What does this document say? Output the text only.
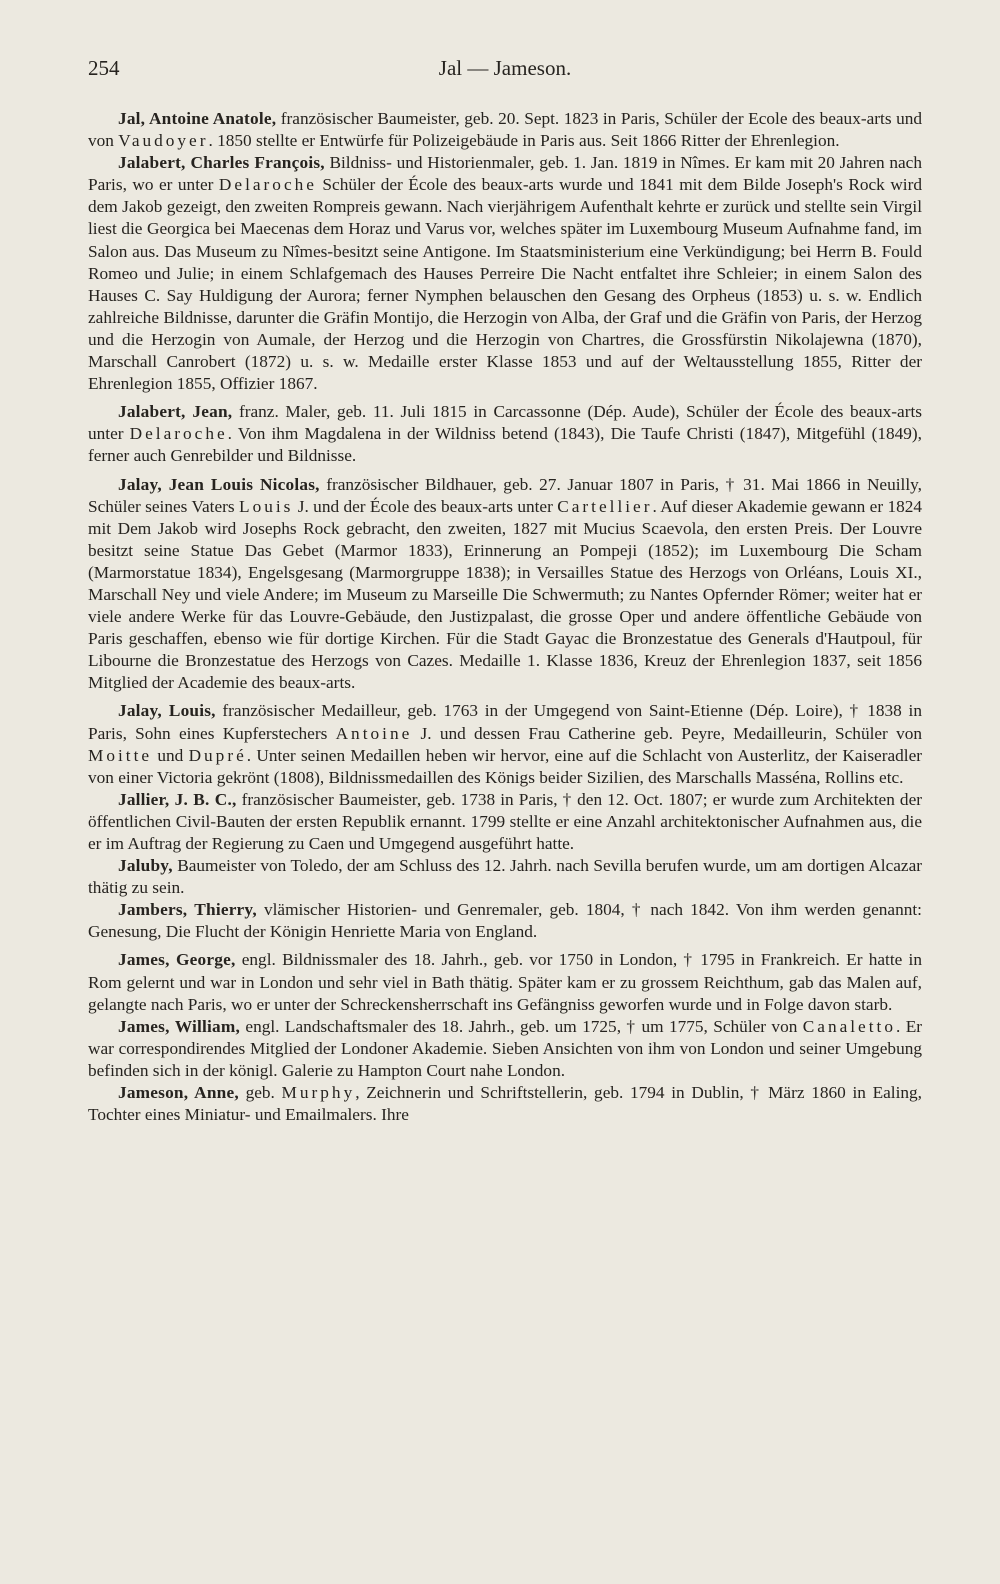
254	Jal — Jameson.

Jal, Antoine Anatole, französischer Baumeister, geb. 20. Sept. 1823 in Paris, Schüler der Ecole des beaux-arts und von Vaudoyer. 1850 stellte er Entwürfe für Polizeigebäude in Paris aus. Seit 1866 Ritter der Ehrenlegion.

Jalabert, Charles François, Bildniss- und Historienmaler, geb. 1. Jan. 1819 in Nîmes. Er kam mit 20 Jahren nach Paris, wo er unter Delaroche Schüler der École des beaux-arts wurde und 1841 mit dem Bilde Joseph's Rock wird dem Jakob gezeigt, den zweiten Rompreis gewann. Nach vierjährigem Aufenthalt kehrte er zurück und stellte sein Virgil liest die Georgica bei Maecenas dem Horaz und Varus vor, welches später im Luxembourg Museum Aufnahme fand, im Salon aus. Das Museum zu Nîmes-besitzt seine Antigone. Im Staatsministerium eine Verkündigung; bei Herrn B. Fould Romeo und Julie; in einem Schlafgemach des Hauses Perreire Die Nacht entfaltet ihre Schleier; in einem Salon des Hauses C. Say Huldigung der Aurora; ferner Nymphen belauschen den Gesang des Orpheus (1853) u. s. w. Endlich zahlreiche Bildnisse, darunter die Gräfin Montijo, die Herzogin von Alba, der Graf und die Gräfin von Paris, der Herzog und die Herzogin von Aumale, der Herzog und die Herzogin von Chartres, die Grossfürstin Nikolajewna (1870), Marschall Canrobert (1872) u. s. w. Medaille erster Klasse 1853 und auf der Weltausstellung 1855, Ritter der Ehrenlegion 1855, Offizier 1867.

Jalabert, Jean, franz. Maler, geb. 11. Juli 1815 in Carcassonne (Dép. Aude), Schüler der École des beaux-arts unter Delaroche. Von ihm Magdalena in der Wildniss betend (1843), Die Taufe Christi (1847), Mitgefühl (1849), ferner auch Genrebilder und Bildnisse.

Jalay, Jean Louis Nicolas, französischer Bildhauer, geb. 27. Januar 1807 in Paris, † 31. Mai 1866 in Neuilly, Schüler seines Vaters Louis J. und der École des beaux-arts unter Cartellier. Auf dieser Akademie gewann er 1824 mit Dem Jakob wird Josephs Rock gebracht, den zweiten, 1827 mit Mucius Scaevola, den ersten Preis. Der Louvre besitzt seine Statue Das Gebet (Marmor 1833), Erinnerung an Pompeji (1852); im Luxembourg Die Scham (Marmorstatue 1834), Engelsgesang (Marmorgruppe 1838); in Versailles Statue des Herzogs von Orléans, Louis XI., Marschall Ney und viele Andere; im Museum zu Marseille Die Schwermuth; zu Nantes Opfernder Römer; weiter hat er viele andere Werke für das Louvre-Gebäude, den Justizpalast, die grosse Oper und andere öffentliche Gebäude von Paris geschaffen, ebenso wie für dortige Kirchen. Für die Stadt Gayac die Bronzestatue des Generals d'Hautpoul, für Libourne die Bronzestatue des Herzogs von Cazes. Medaille 1. Klasse 1836, Kreuz der Ehrenlegion 1837, seit 1856 Mitglied der Academie des beaux-arts.

Jalay, Louis, französischer Medailleur, geb. 1763 in der Umgegend von Saint-Etienne (Dép. Loire), † 1838 in Paris, Sohn eines Kupferstechers Antoine J. und dessen Frau Catherine geb. Peyre, Medailleurin, Schüler von Moitte und Dupré. Unter seinen Medaillen heben wir hervor, eine auf die Schlacht von Austerlitz, der Kaiseradler von einer Victoria gekrönt (1808), Bildnissmedaillen des Königs beider Sizilien, des Marschalls Masséna, Rollins etc.

Jallier, J. B. C., französischer Baumeister, geb. 1738 in Paris, † den 12. Oct. 1807; er wurde zum Architekten der öffentlichen Civil-Bauten der ersten Republik ernannt. 1799 stellte er eine Anzahl architektonischer Aufnahmen aus, die er im Auftrag der Regierung zu Caen und Umgegend ausgeführt hatte.

Jaluby, Baumeister von Toledo, der am Schluss des 12. Jahrh. nach Sevilla berufen wurde, um am dortigen Alcazar thätig zu sein.

Jambers, Thierry, vlämischer Historien- und Genremaler, geb. 1804, † nach 1842. Von ihm werden genannt: Genesung, Die Flucht der Königin Henriette Maria von England.

James, George, engl. Bildnissmaler des 18. Jahrh., geb. vor 1750 in London, † 1795 in Frankreich. Er hatte in Rom gelernt und war in London und sehr viel in Bath thätig. Später kam er zu grossem Reichthum, gab das Malen auf, gelangte nach Paris, wo er unter der Schreckensherrschaft ins Gefängniss geworfen wurde und in Folge davon starb.

James, William, engl. Landschaftsmaler des 18. Jahrh., geb. um 1725, † um 1775, Schüler von Canaletto. Er war correspondirendes Mitglied der Londoner Akademie. Sieben Ansichten von ihm von London und seiner Umgebung befinden sich in der königl. Galerie zu Hampton Court nahe London.

Jameson, Anne, geb. Murphy, Zeichnerin und Schriftstellerin, geb. 1794 in Dublin, † März 1860 in Ealing, Tochter eines Miniatur- und Emailmalers. Ihre
